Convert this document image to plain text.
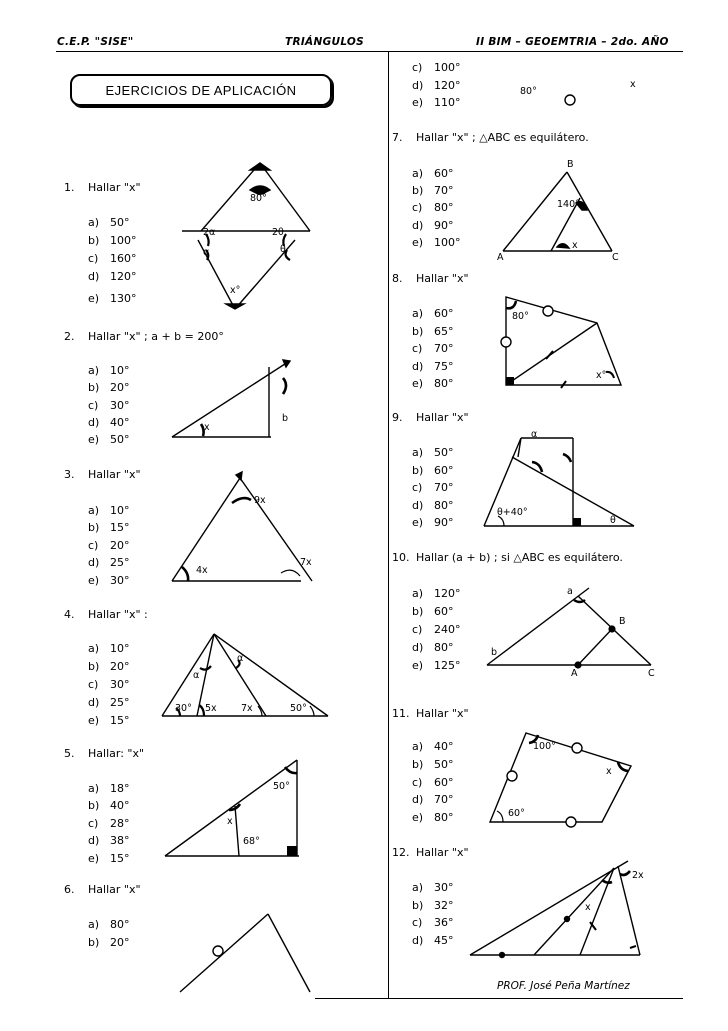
C.E.P. "SISE"	TRIÁNGULOS	II BIM – GEOEMTRIA – 2do. AÑO
EJERCICIOS DE APLICACIÓN
1. Hallar "x"
a) 50°
b) 100°
c) 160°
d) 120°
e) 130°
2. Hallar "x" ; a + b = 200°
a) 10°
b) 20°
c) 30°
d) 40°
e) 50°
3. Hallar "x"
a) 10°
b) 15°
c) 20°
d) 25°
e) 30°
4. Hallar "x" :
a) 10°
b) 20°
c) 30°
d) 25°
e) 15°
5. Hallar: "x"
a) 18°
b) 40°
c) 28°
d) 38°
e) 15°
6. Hallar "x"
a) 80°
b) 20°
c) 100°
d) 120°
e) 110°
7. Hallar "x" ; △ABC es equilátero.
a) 60°
b) 70°
c) 80°
d) 90°
e) 100°
8. Hallar "x"
a) 60°
b) 65°
c) 70°
d) 75°
e) 80°
9. Hallar "x"
a) 50°
b) 60°
c) 70°
d) 80°
e) 90°
10. Hallar (a + b) ; si △ABC es equilátero.
a) 120°
b) 60°
c) 240°
d) 80°
e) 125°
11. Hallar "x"
a) 40°
b) 50°
c) 60°
d) 70°
e) 80°
12. Hallar "x"
a) 30°
b) 32°
c) 36°
d) 45°
PROF. José Peña Martínez
80°
2α	2θ
α	θ
x°
x
b
9x
4x
7x
α
α
30° 5x	7x	50°
50°
x
68°
80°
x
B
140°
x
A	C
80°
x°
α
θ+40°
θ
a
B
b
A	C
100°
x
60°
2x
x
